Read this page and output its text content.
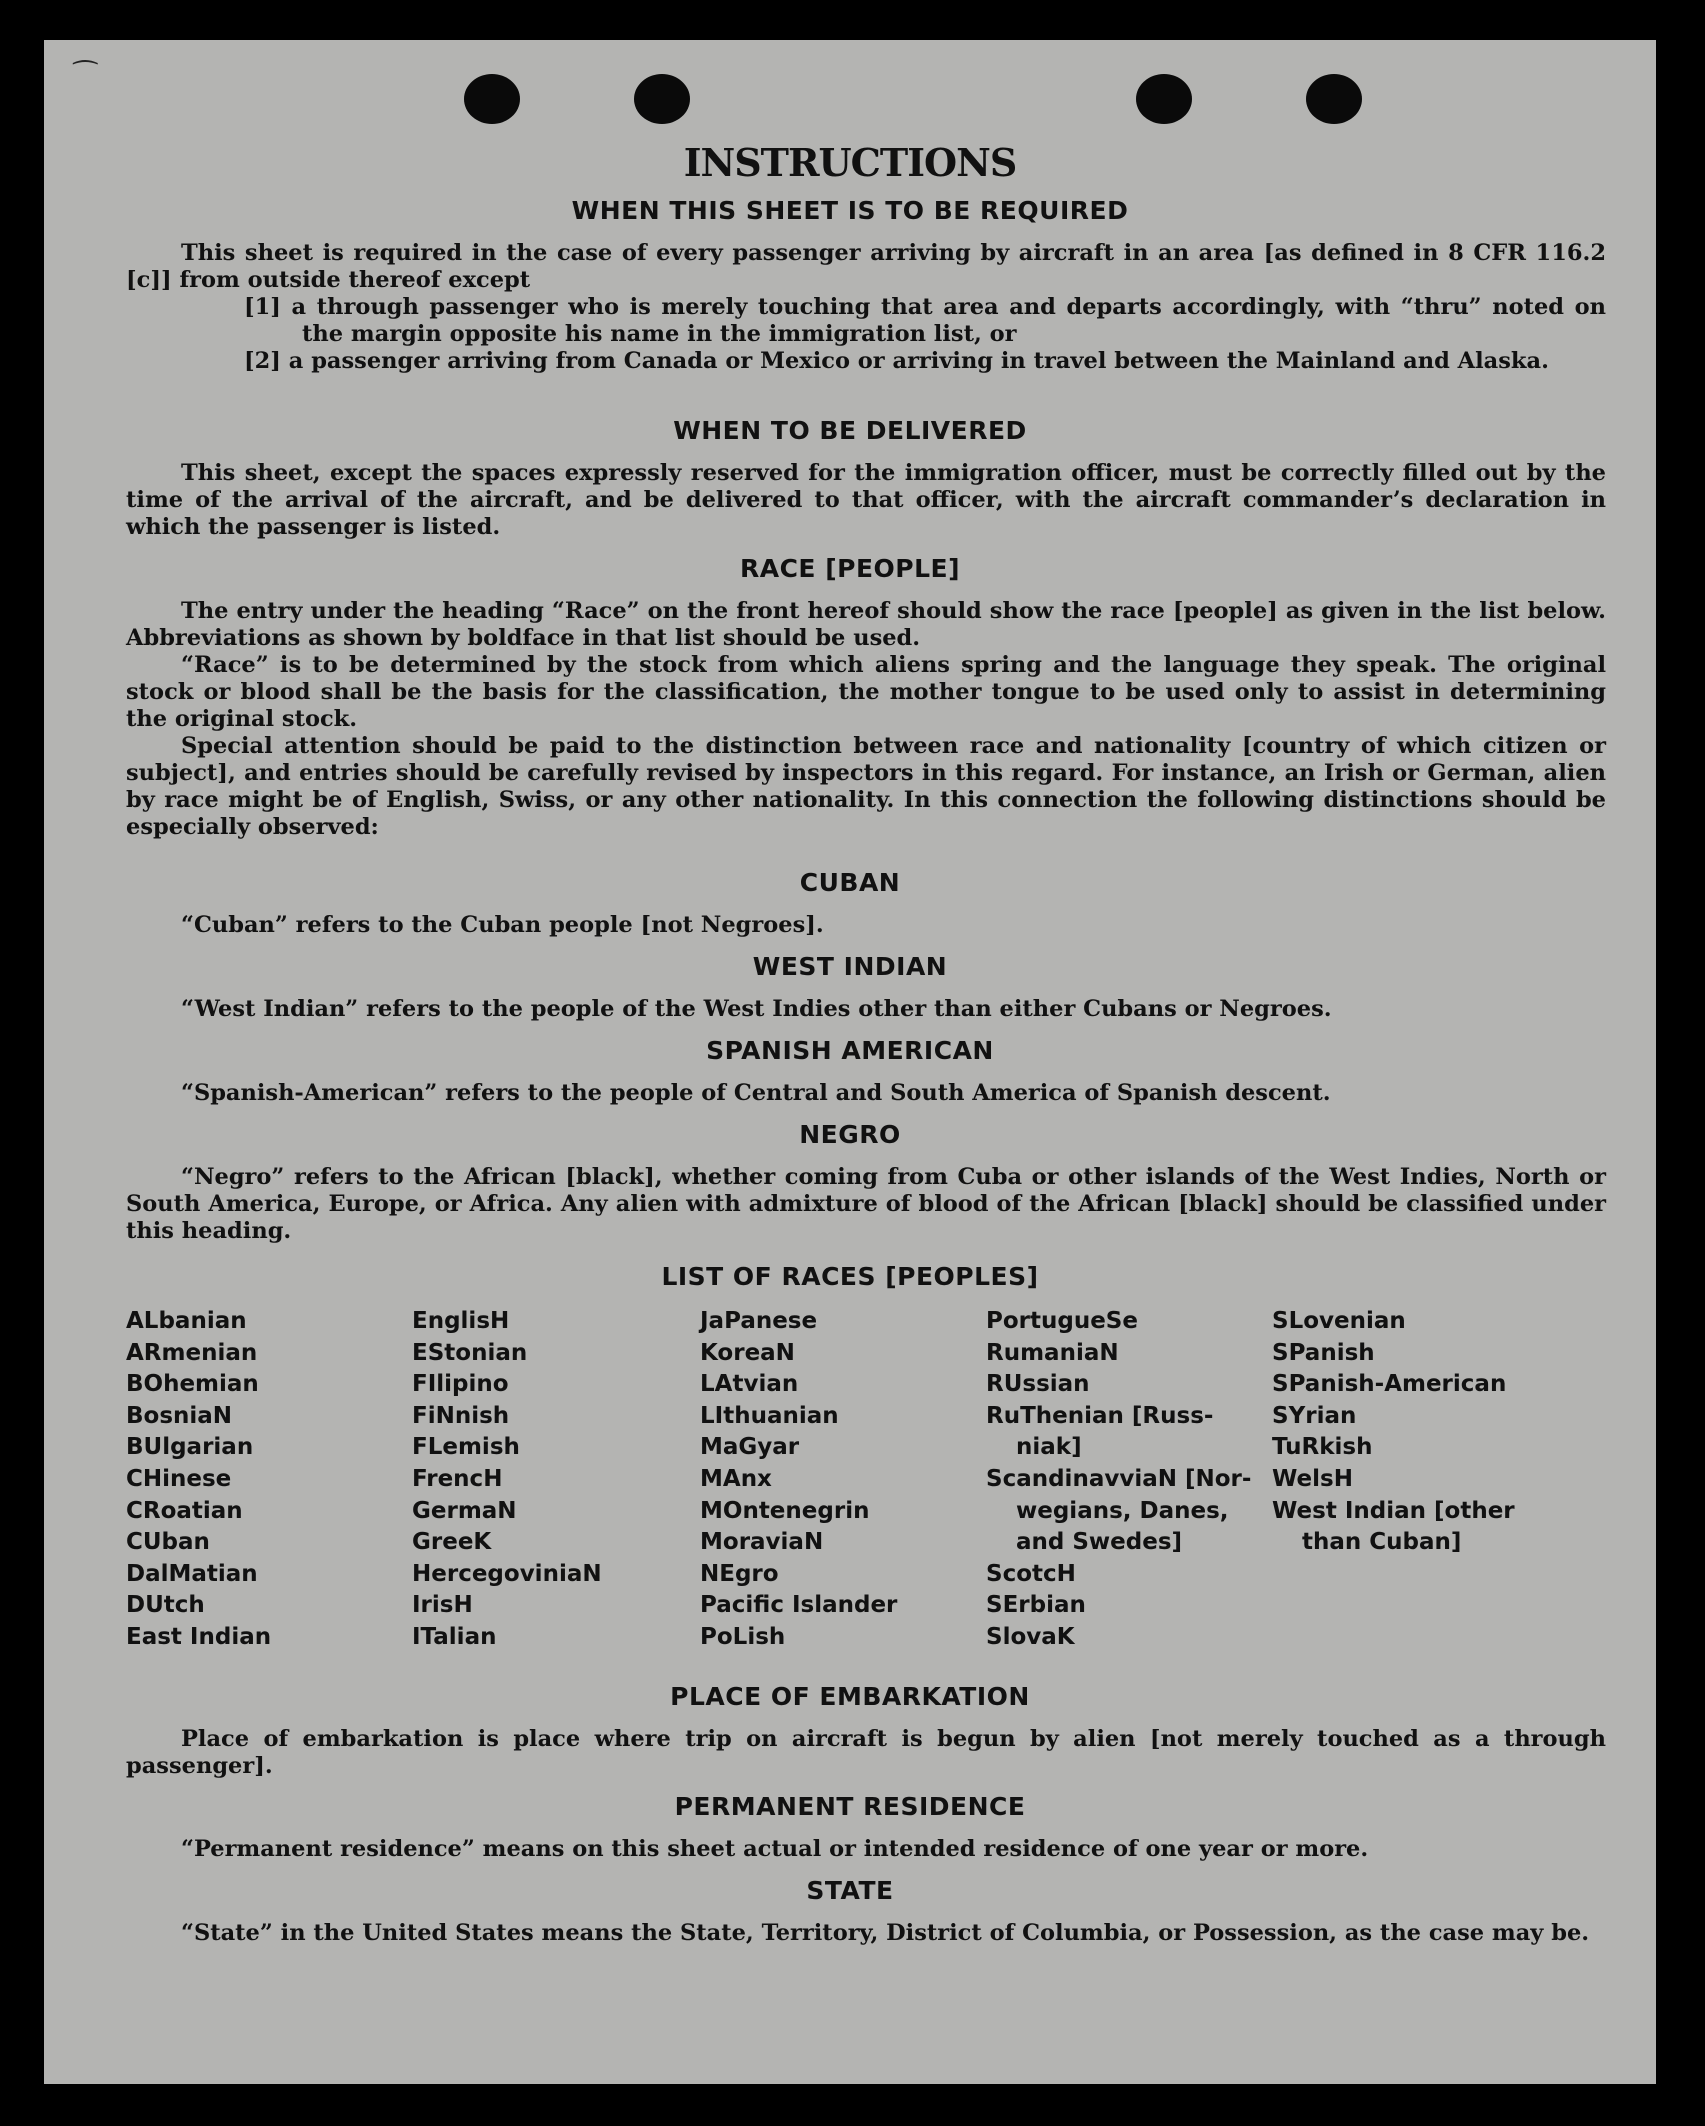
⁀
INSTRUCTIONS
WHEN THIS SHEET IS TO BE REQUIRED

This sheet is required in the case of every passenger arriving by aircraft in an area [as defined in 8 CFR 116.2 [c]] from outside thereof except

[1] a through passenger who is merely touching that area and departs accordingly, with “thru” noted on the margin opposite his name in the immigration list, or

[2] a passenger arriving from Canada or Mexico or arriving in travel between the Mainland and Alaska.

WHEN TO BE DELIVERED

This sheet, except the spaces expressly reserved for the immigration officer, must be correctly filled out by the time of the arrival of the aircraft, and be delivered to that officer, with the aircraft commander’s declaration in which the passenger is listed.

RACE [PEOPLE]

The entry under the heading “Race” on the front hereof should show the race [people] as given in the list below. Abbreviations as shown by boldface in that list should be used.

“Race” is to be determined by the stock from which aliens spring and the language they speak. The original stock or blood shall be the basis for the classification, the mother tongue to be used only to assist in determining the original stock.

Special attention should be paid to the distinction between race and nationality [country of which citizen or subject], and entries should be carefully revised by inspectors in this regard. For instance, an Irish or German, alien by race might be of English, Swiss, or any other nationality. In this connection the following distinctions should be especially observed:

CUBAN

“Cuban” refers to the Cuban people [not Negroes].

WEST INDIAN

“West Indian” refers to the people of the West Indies other than either Cubans or Negroes.

SPANISH AMERICAN

“Spanish-American” refers to the people of Central and South America of Spanish descent.

NEGRO

“Negro” refers to the African [black], whether coming from Cuba or other islands of the West Indies, North or South America, Europe, or Africa. Any alien with admixture of blood of the African [black] should be classified under this heading.

LIST OF RACES [PEOPLES]
ALbanian
ARmenian
BOhemian
BosniaN
BUlgarian
CHinese
CRoatian
CUban
DalMatian
DUtch
East Indian
EnglisH
EStonian
FIlipino
FiNnish
FLemish
FrencH
GermaN
GreeK
HercegoviniaN
IrisH
ITalian
JaPanese
KoreaN
LAtvian
LIthuanian
MaGyar
MAnx
MOntenegrin
MoraviaN
NEgro
Pacific Islander
PoLish
PortugueSe
RumaniaN
RUssian
RuThenian [Russ-
niak]
ScandinavviaN [Nor-
wegians, Danes,
and Swedes]
ScotcH
SErbian
SlovaK
SLovenian
SPanish
SPanish-American
SYrian
TuRkish
WelsH
West Indian [other
than Cuban]
PLACE OF EMBARKATION

Place of embarkation is place where trip on aircraft is begun by alien [not merely touched as a through passenger].

PERMANENT RESIDENCE

“Permanent residence” means on this sheet actual or intended residence of one year or more.

STATE

“State” in the United States means the State, Territory, District of Columbia, or Possession, as the case may be.
